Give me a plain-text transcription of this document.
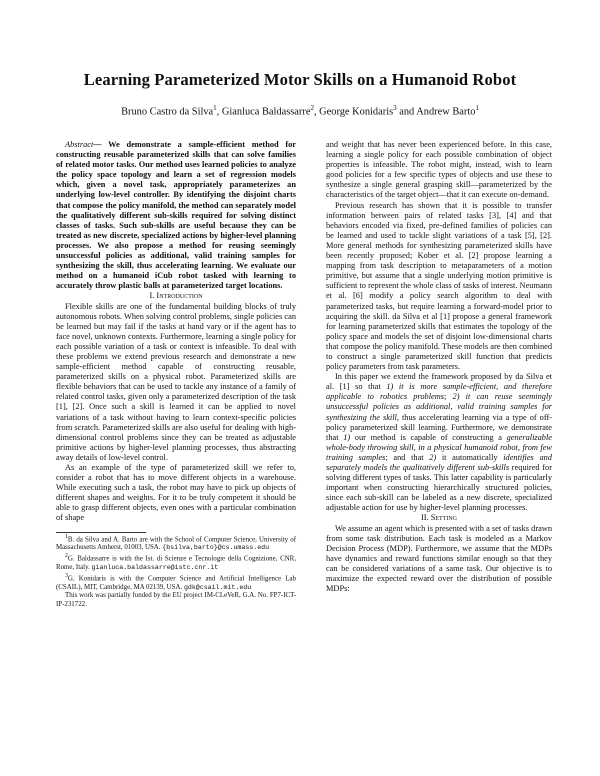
Learning Parameterized Motor Skills on a Humanoid Robot
Bruno Castro da Silva$^1$, Gianluca Baldassarre$^2$, George Konidaris$^3$ and Andrew Barto$^1$

Abstract— We demonstrate a sample-efficient method for constructing reusable parameterized skills that can solve families of related motor tasks. Our method uses learned policies to analyze the policy space topology and learn a set of regression models which, given a novel task, appropriately parameterizes an underlying low-level controller. By identifying the disjoint charts that compose the policy manifold, the method can separately model the qualitatively different sub-skills required for solving distinct classes of tasks. Such sub-skills are useful because they can be treated as new discrete, specialized actions by higher-level planning processes. We also propose a method for reusing seemingly unsuccessful policies as additional, valid training samples for synthesizing the skill, thus accelerating learning. We evaluate our method on a humanoid iCub robot tasked with learning to accurately throw plastic balls at parameterized target locations.

I. Introduction

Flexible skills are one of the fundamental building blocks of truly autonomous robots. When solving control problems, single policies can be learned but may fail if the tasks at hand vary or if the agent has to face novel, unknown contexts. Furthermore, learning a single policy for each possible variation of a task or context is infeasible. To deal with these problems we extend previous research and demonstrate a new sample-efficient method capable of constructing reusable, parameterized skills on a physical robot. Parameterized skills are flexible behaviors that can be used to tackle any instance of a family of related control tasks, given only a parameterized description of the task [1], [2]. Once such a skill is learned it can be applied to novel variations of a task without having to learn context-specific policies from scratch. Parameterized skills are also useful for dealing with high-dimensional control problems since they can be treated as adjustable primitive actions by higher-level planning processes, thus abstracting away details of low-level control.

As an example of the type of parameterized skill we refer to, consider a robot that has to move different objects in a warehouse. While executing such a task, the robot may have to pick up objects of different shapes and weights. For it to be truly competent it should be able to grasp different objects, even ones with a particular combination of shape

$^1$B. da Silva and A. Barto are with the School of Computer Science, University of Massachusetts Amherst, 01003, USA. {bsilva,barto}@cs.umass.edu

$^2$G. Baldassarre is with the Ist. di Scienze e Tecnologie della Cognizione, CNR, Rome, Italy. gianluca.baldassarre@istc.cnr.it

$^3$G. Konidaris is with the Computer Science and Artificial Intelligence Lab (CSAIL), MIT, Cambridge, MA 02139, USA. gdk@csail.mit.edu

This work was partially funded by the EU project IM-CLeVeR, G.A. No. FP7-ICT-IP-231722.

and weight that has never been experienced before. In this case, learning a single policy for each possible combination of object properties is infeasible. The robot might, instead, wish to learn good policies for a few specific types of objects and use these to synthesize a single general grasping skill—parameterized by the characteristics of the target object—that it can execute on-demand.

Previous research has shown that it is possible to transfer information between pairs of related tasks [3], [4] and that behaviors encoded via fixed, pre-defined families of policies can be learned and used to tackle slight variations of a task [5], [2]. More general methods for synthesizing parameterized skills have been recently proposed; Kober et al. [2] propose learning a mapping from task description to metaparameters of a motion primitive, but assume that a single underlying motion primitive is sufficient to represent the whole class of tasks of interest. Neumann et al. [6] modify a policy search algorithm to deal with parameterized tasks, but require learning a forward-model prior to acquiring the skill. da Silva et al [1] propose a general framework for learning parameterized skills that estimates the topology of the policy space and models the set of disjoint low-dimensional charts that compose the policy manifold. These models are then combined to construct a single parameterized skill function that predicts policy parameters from task parameters.

In this paper we extend the framework proposed by da Silva et al. [1] so that 1) it is more sample-efficient, and therefore applicable to robotics problems; 2) it can reuse seemingly unsuccessful policies as additional, valid training samples for synthesizing the skill, thus accelerating learning via a type of off-policy parameterized skill learning. Furthermore, we demonstrate that 1) our method is capable of constructing a generalizable whole-body throwing skill, in a physical humanoid robot, from few training samples; and that 2) it automatically identifies and separately models the qualitatively different sub-skills required for solving different types of tasks. This latter capability is particularly important when constructing hierarchically structured policies, since each sub-skill can be labeled as a new discrete, specialized adjustable action for use by higher-level planning processes.

II. Setting

We assume an agent which is presented with a set of tasks drawn from some task distribution. Each task is modeled as a Markov Decision Process (MDP). Furthermore, we assume that the MDPs have dynamics and reward functions similar enough so that they can be considered variations of a same task. Our objective is to maximize the expected reward over the distribution of possible MDPs:
